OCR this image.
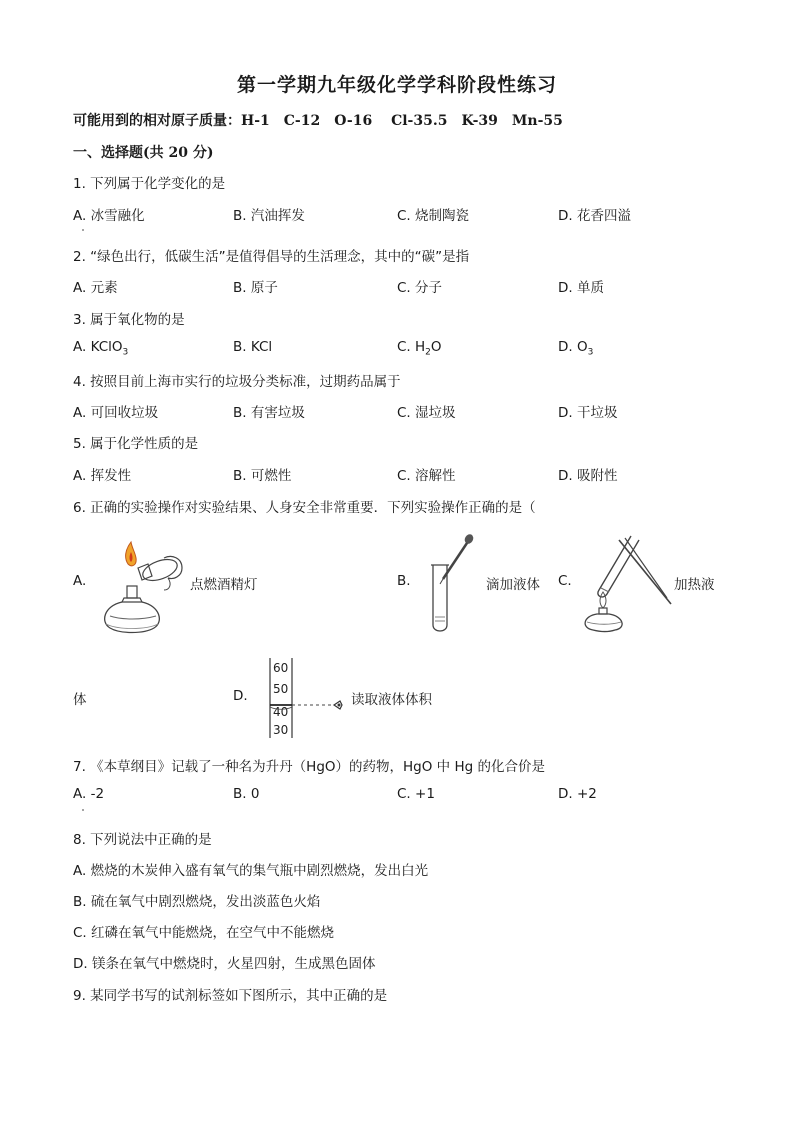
第一学期九年级化学学科阶段性练习
可能用到的相对原子质量：H-1　C-12　O-16　 Cl-35.5　K-39　Mn-55
一、选择题(共 20 分)
1. 下列属于化学变化的是
A. 冰雪融化	B. 汽油挥发	C. 烧制陶瓷	D. 花香四溢
2. “绿色出行，低碳生活”是值得倡导的生活理念，其中的“碳”是指
A. 元素	B. 原子	C. 分子	D. 单质
3. 属于氧化物的是
A. KClO$_3$	B. KCl	C. $H_2O$	D. $O_3$
4. 按照目前上海市实行的垃圾分类标准，过期药品属于
A. 可回收垃圾	B. 有害垃圾	C. 湿垃圾	D. 干垃圾
5. 属于化学性质的是
A. 挥发性	B. 可燃性	C. 溶解性	D. 吸附性
6. 正确的实验操作对实验结果、人身安全非常重要．下列实验操作正确的是（
A.	点燃酒精灯	B.	滴加液体 C.	加热液
体	D.
60
50
40
30
读取液体体积
7. 《本草纲目》记载了一种名为升丹（HgO）的药物，HgO 中 Hg 的化合价是
A. -2	B. 0	C. +1	D. +2
8. 下列说法中正确的是
A. 燃烧的木炭伸入盛有氧气的集气瓶中剧烈燃烧，发出白光
B. 硫在氧气中剧烈燃烧，发出淡蓝色火焰
C. 红磷在氧气中能燃烧，在空气中不能燃烧
D. 镁条在氧气中燃烧时，火星四射，生成黑色固体
9. 某同学书写的试剂标签如下图所示，其中正确的是
